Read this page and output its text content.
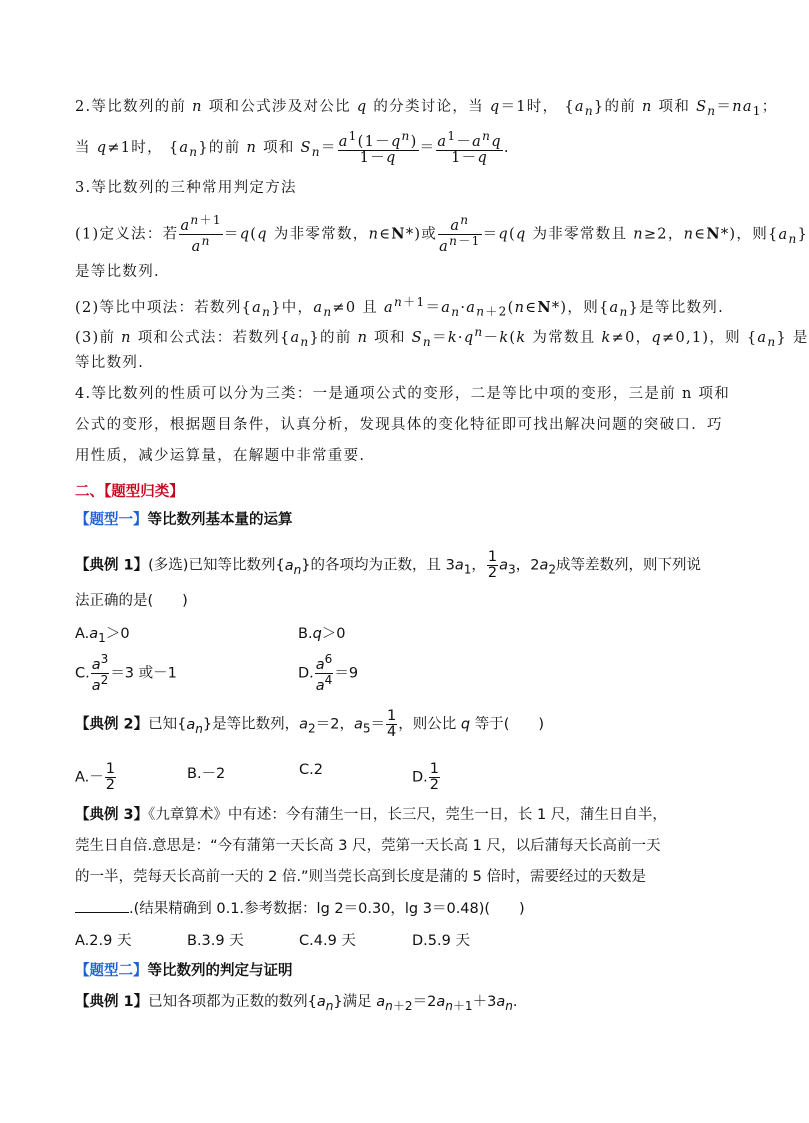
2.等比数列的前 n 项和公式涉及对公比 q 的分类讨论，当 q＝1时， $\{a_n\}$的前 n 项和 $S_n=na_1$；
当 q≠1时， $\{a_n\}$的前 n 项和 $S_n= \frac{a^1(1-q^n)}{1-q} = a^1-a^nq$
1－q
.
3.等比数列的三种常用判定方法
(1)定义法：若 $\frac{a^{n+1}}{a^n} =q(q$ 为非零常数，n∈N*)或 $\frac{a^n}{a^{n-1}} =q(q$ 为非零常数且 n≥2，n∈N*)，则$\{a_n\}$
是等比数列.
(2)等比中项法：若数列$\{a_n\}$中，$a_n\ne 0$ 且 $a^{n+1}=a_n\cdot a_{n+2}(n\in N*)$，则$\{a_n\}$是等比数列.
(3)前 n 项和公式法：若数列$\{a_n\}$的前 n 项和 $S_n=k\cdot q^n-k(k$ 为常数且 k≠0，q≠0,1)，则 $\{a_n\}$ 是
等比数列.
4.等比数列的性质可以分为三类：一是通项公式的变形，二是等比中项的变形，三是前 n 项和
公式的变形，根据题目条件，认真分析，发现具体的变化特征即可找出解决问题的突破口．巧
用性质，减少运算量，在解题中非常重要.
二、【题型归类】
【题型一】等比数列基本量的运算
【典例 1】(多选)已知等比数列$\{a_n\}$的各项均为正数，且 $3a_1$， $\frac{1}{2} a_3$，$2a_2$成等差数列，则下列说
法正确的是(　　)
$A.a_1>0$	B.q＞0
C. $\frac{a^3}{a^2} =3$ 或－1	D. $\frac{a^6}{a^4} =9$
【典例 2】已知$\{a_n\}$是等比数列，$a_2=2$，$a_5= \frac{1}{4}$ ，则公比 q 等于(　　)
$A.- \frac{1}{2}$	B.－2	C.2	D. $\frac{1}{2}$
【典例 3】《九章算术》中有述：今有蒲生一日，长三尺，莞生一日，长 1 尺，蒲生日自半，
莞生日自倍.意思是：“今有蒲第一天长高 3 尺，莞第一天长高 1 尺，以后蒲每天长高前一天
的一半，莞每天长高前一天的 2 倍.”则当莞长高到长度是蒲的 5 倍时，需要经过的天数是
.(结果精确到 0.1.参考数据：lg 2＝0.30，lg 3＝0.48)(　　)
A.2.9 天	B.3.9 天	C.4.9 天	D.5.9 天
【题型二】等比数列的判定与证明
【典例 1】已知各项都为正数的数列$\{a_n\}$满足 $a_{n+2}=2a_{n+1}+3a_n$.
